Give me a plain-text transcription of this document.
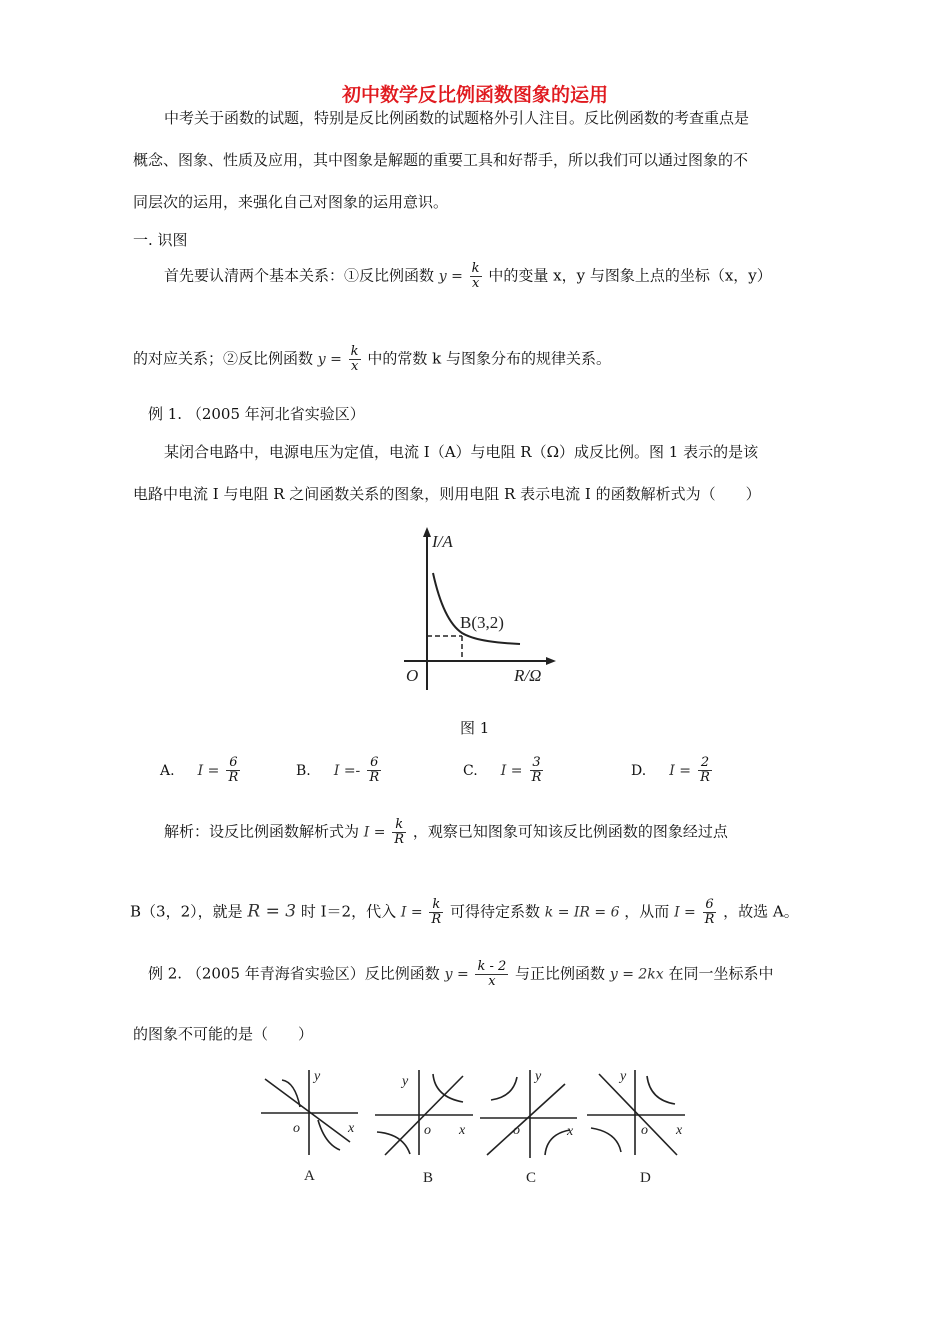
初中数学反比例函数图象的运用
中考关于函数的试题，特别是反比例函数的试题格外引人注目。反比例函数的考查重点是
概念、图象、性质及应用，其中图象是解题的重要工具和好帮手，所以我们可以通过图象的不
同层次的运用，来强化自己对图象的运用意识。
一. 识图
首先要认清两个基本关系：①反比例函数 $y = \frac{k}{x}$ 中的变量 x，y 与图象上点的坐标（x，y）
的对应关系；②反比例函数 $y = \frac{k}{x}$ 中的常数 k 与图象分布的规律关系。
例 1. （2005 年河北省实验区）
某闭合电路中，电源电压为定值，电流 I（A）与电阻 R（Ω）成反比例。图 1 表示的是该
电路中电流 I 与电阻 R 之间函数关系的图象，则用电阻 R 表示电流 I 的函数解析式为（　　）
I/A
B(3,2)
O	R/Ω
图 1
A. $I = \frac{6}{R}$	B. $I =- \frac{6}{R}$	C. $I = \frac{3}{R}$	D. $I = \frac{2}{R}$
解析：设反比例函数解析式为 $I = \frac{k}{R}$ ，观察已知图象可知该反比例函数的图象经过点
B（3，2），就是 R = 3 时 I＝2，代入 $I = \frac{k}{R}$ 可得待定系数 k = IR = 6 ，从而 $I = \frac{6}{R}$ ，故选 A。
例 2. （2005 年青海省实验区）反比例函数 $y = \frac{k - 2}{x}$ 与正比例函数 y = 2kx 在同一坐标系中
的图象不可能的是（　　）
y
x
o
y
x
o
y
x
o
y
x
o
A	B	C	D
